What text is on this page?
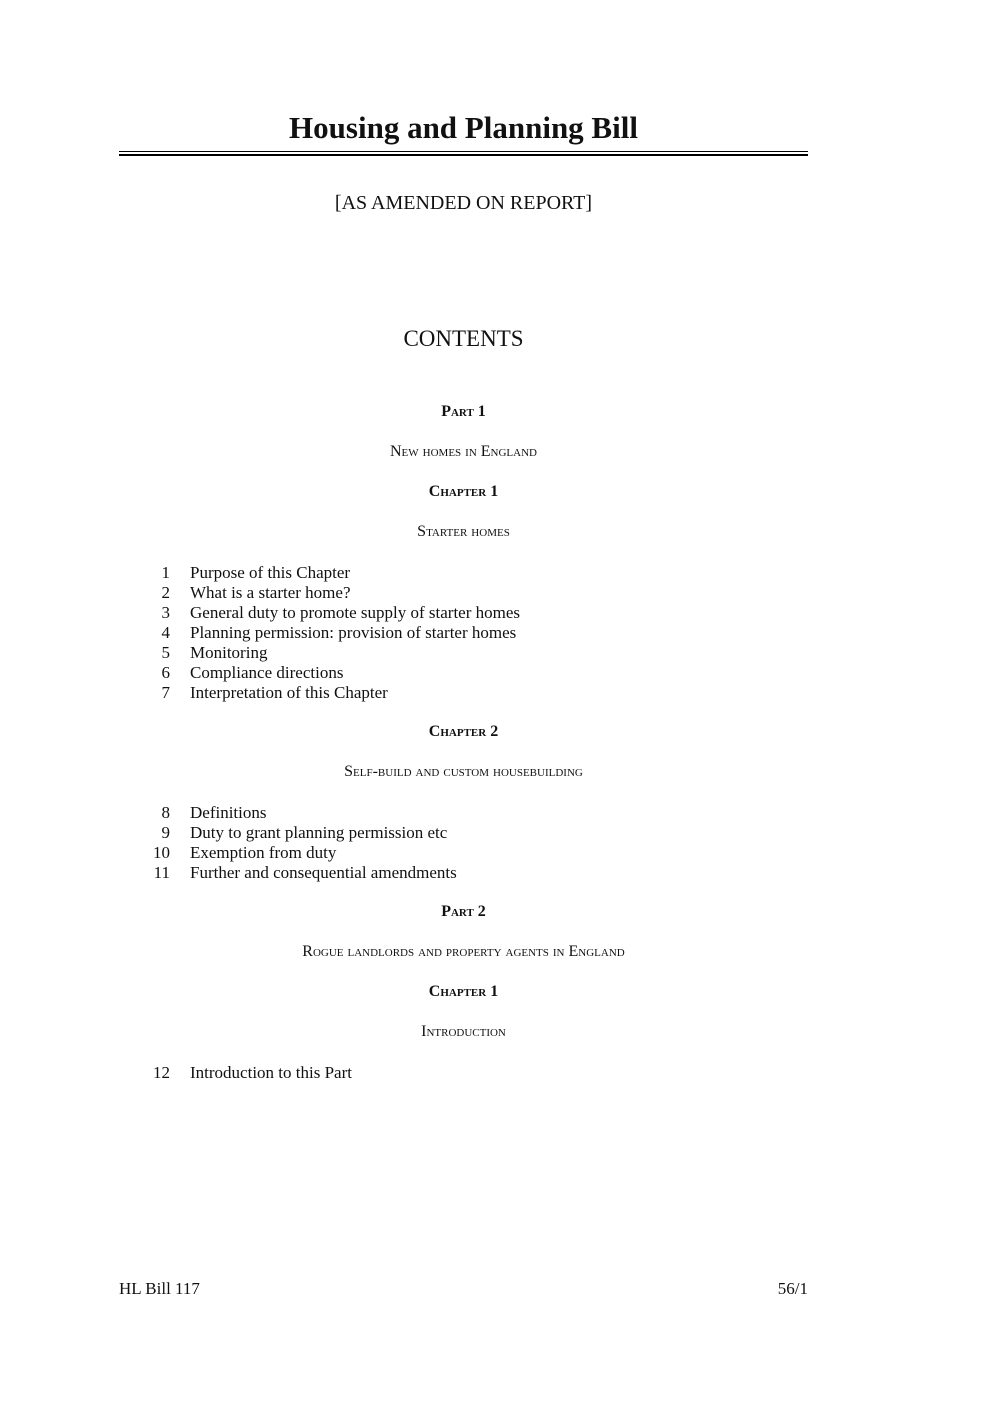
Housing and Planning Bill
[AS AMENDED ON REPORT]
CONTENTS
Part 1
New homes in England
Chapter 1
Starter homes
1 Purpose of this Chapter
2 What is a starter home?
3 General duty to promote supply of starter homes
4 Planning permission: provision of starter homes
5 Monitoring
6 Compliance directions
7 Interpretation of this Chapter
Chapter 2
Self-build and custom housebuilding
8 Definitions
9 Duty to grant planning permission etc
10 Exemption from duty
11 Further and consequential amendments
Part 2
Rogue landlords and property agents in England
Chapter 1
Introduction
12 Introduction to this Part
HL Bill 117	56/1
